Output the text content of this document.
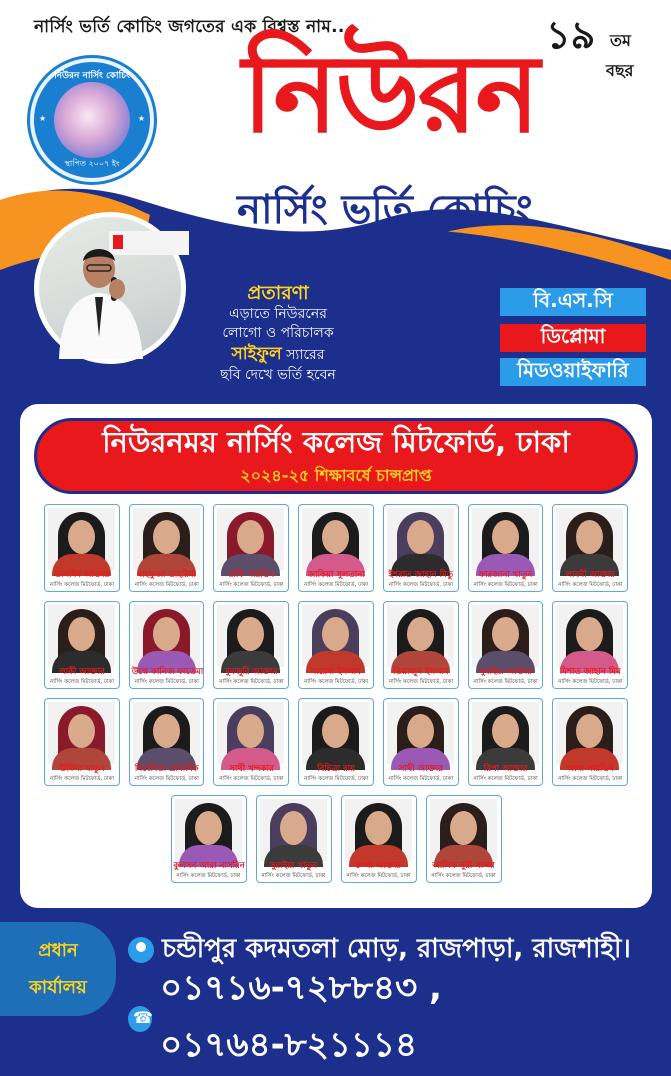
নার্সিং ভর্তি কোচিং জগতের এক বিশ্বস্ত নাম....
নিউরন নার্সিং কোচিং
★	★
স্থাপিত ২০০৭ ইং
১৯ তম
বছর
নিউরন
নার্সিং ভর্তি কোচিং
প্রতারণা
এড়াতে নিউরনের
লোগো ও পরিচালক
সাইফুল স্যারের
ছবি দেখে ভর্তি হবেন
বি.এস.সি
ডিপ্লোমা
মিডওয়াইফারি
নিউরনময় নার্সিং কলেজ মিটফোর্ড, ঢাকা
২০২৪-২৫ শিক্ষাবর্ষে চান্সপ্রাপ্ত
তাসমিম আক্তার
নার্সিং কলেজ মিটফোর্ড, ঢাকা
মাহফুজা তাহরিমা
নার্সিং কলেজ মিটফোর্ড, ঢাকা
রাফি পারভিন
নার্সিং কলেজ মিটফোর্ড, ঢাকা
জাকিয়া সুলতানা
নার্সিং কলেজ মিটফোর্ড, ঢাকা
ইশরাত জাহান মিতু
নার্সিং কলেজ মিটফোর্ড, ঢাকা
ফারজানা খাতুন
নার্সিং কলেজ মিটফোর্ড, ঢাকা
লাবনী আক্তার
নার্সিং কলেজ মিটফোর্ড, ঢাকা
লাকী আক্তার
নার্সিং কলেজ মিটফোর্ড, ঢাকা
উম্মে কানিজ ফাতেমা
নার্সিং কলেজ মিটফোর্ড, ঢাকা
মুনজুরি আক্তার
নার্সিং কলেজ মিটফোর্ড, ঢাকা
মায়েদা ইসলাম
নার্সিং কলেজ মিটফোর্ড, ঢাকা
তিয়াজুন ইসলাম
নার্সিং কলেজ মিটফোর্ড, ঢাকা
সুমাইয়া আক্তার
নার্সিং কলেজ মিটফোর্ড, ঢাকা
মিশাত জাহান মিম
নার্সিং কলেজ মিটফোর্ড, ঢাকা
উর্মিলা খাতুন
নার্সিং কলেজ মিটফোর্ড, ঢাকা
নিবেদিতা প্রামানিক
নার্সিং কলেজ মিটফোর্ড, ঢাকা
সাথী খন্দকার
নার্সিং কলেজ মিটফোর্ড, ঢাকা
বিচিত্রা রায়
নার্সিং কলেজ মিটফোর্ড, ঢাকা
সাথী আক্তার
নার্সিং কলেজ মিটফোর্ড, ঢাকা
রিপা আক্তার
নার্সিং কলেজ মিটফোর্ড, ঢাকা
আশা পারভিন
নার্সিং কলেজ মিটফোর্ড, ঢাকা
কুলসন আরা নাসরিন
নার্সিং কলেজ মিটফোর্ড, ঢাকা
সুরাইয়া খাতুন
নার্সিং কলেজ মিটফোর্ড, ঢাকা
চম্পা আক্তার
নার্সিং কলেজ মিটফোর্ড, ঢাকা
আলিফ নুরী সাজ্জা
নার্সিং কলেজ মিটফোর্ড, ঢাকা
প্রধান
কার্যালয়
চন্ডীপুর কদমতলা মোড়, রাজপাড়া, রাজশাহী।
☎
০১৭১৬-৭২৮৮৪৩ , ০১৭৬৪-৮২১১১৪
